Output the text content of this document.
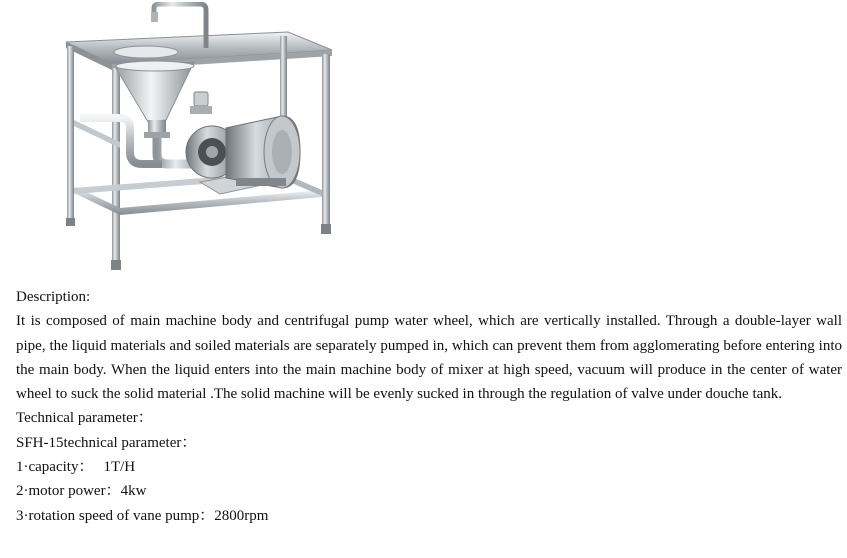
Description:

It is composed of main machine body and centrifugal pump water wheel, which are vertically installed. Through a double-layer wall pipe, the liquid materials and soiled materials are separately pumped in, which can prevent them from agglomerating before entering into the main body. When the liquid enters into the main machine body of mixer at high speed, vacuum will produce in the center of water wheel to suck the solid material .The solid machine will be evenly sucked in through the regulation of valve under douche tank.

Technical parameter：

SFH-15technical parameter：

1·capacity： 1T/H

2·motor power：4kw

3·rotation speed of vane pump：2800rpm
